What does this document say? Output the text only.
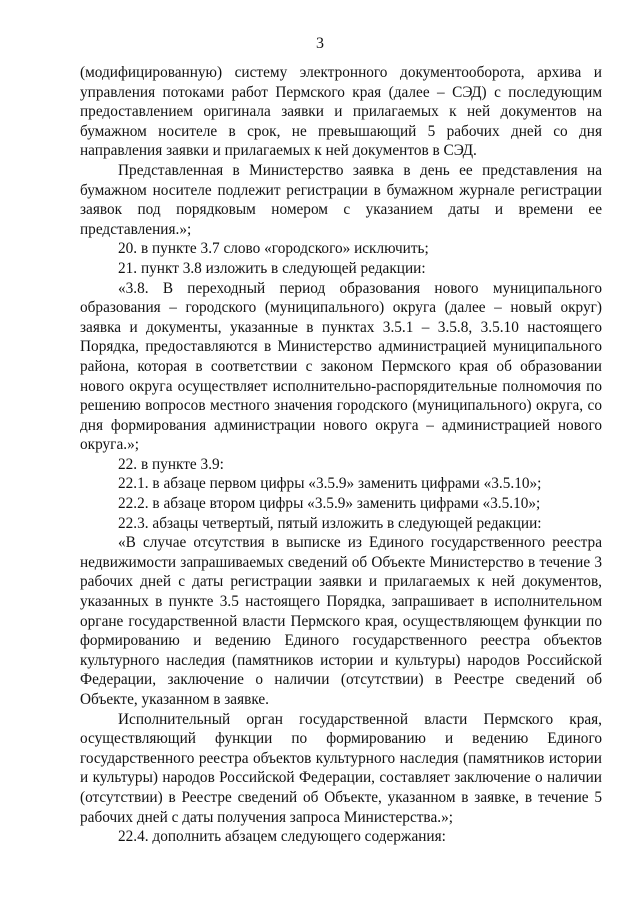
3

(модифицированную) систему электронного документооборота, архива и управления потоками работ Пермского края (далее – СЭД) с последующим предоставлением оригинала заявки и прилагаемых к ней документов на бумажном носителе в срок, не превышающий 5 рабочих дней со дня направления заявки и прилагаемых к ней документов в СЭД.

Представленная в Министерство заявка в день ее представления на бумажном носителе подлежит регистрации в бумажном журнале регистрации заявок под порядковым номером с указанием даты и времени ее представления.»;

20. в пункте 3.7 слово «городского» исключить;

21. пункт 3.8 изложить в следующей редакции:

«3.8. В переходный период образования нового муниципального образования – городского (муниципального) округа (далее – новый округ) заявка и документы, указанные в пунктах 3.5.1 – 3.5.8, 3.5.10 настоящего Порядка, предоставляются в Министерство администрацией муниципального района, которая в соответствии с законом Пермского края об образовании нового округа осуществляет исполнительно-распорядительные полномочия по решению вопросов местного значения городского (муниципального) округа, со дня формирования администрации нового округа – администрацией нового округа.»;

22. в пункте 3.9:

22.1. в абзаце первом цифры «3.5.9» заменить цифрами «3.5.10»;

22.2. в абзаце втором цифры «3.5.9» заменить цифрами «3.5.10»;

22.3. абзацы четвертый, пятый изложить в следующей редакции:

«В случае отсутствия в выписке из Единого государственного реестра недвижимости запрашиваемых сведений об Объекте Министерство в течение 3 рабочих дней с даты регистрации заявки и прилагаемых к ней документов, указанных в пункте 3.5 настоящего Порядка, запрашивает в исполнительном органе государственной власти Пермского края, осуществляющем функции по формированию и ведению Единого государственного реестра объектов культурного наследия (памятников истории и культуры) народов Российской Федерации, заключение о наличии (отсутствии) в Реестре сведений об Объекте, указанном в заявке.

Исполнительный орган государственной власти Пермского края, осуществляющий функции по формированию и ведению Единого государственного реестра объектов культурного наследия (памятников истории и культуры) народов Российской Федерации, составляет заключение о наличии (отсутствии) в Реестре сведений об Объекте, указанном в заявке, в течение 5 рабочих дней с даты получения запроса Министерства.»;

22.4. дополнить абзацем следующего содержания:
